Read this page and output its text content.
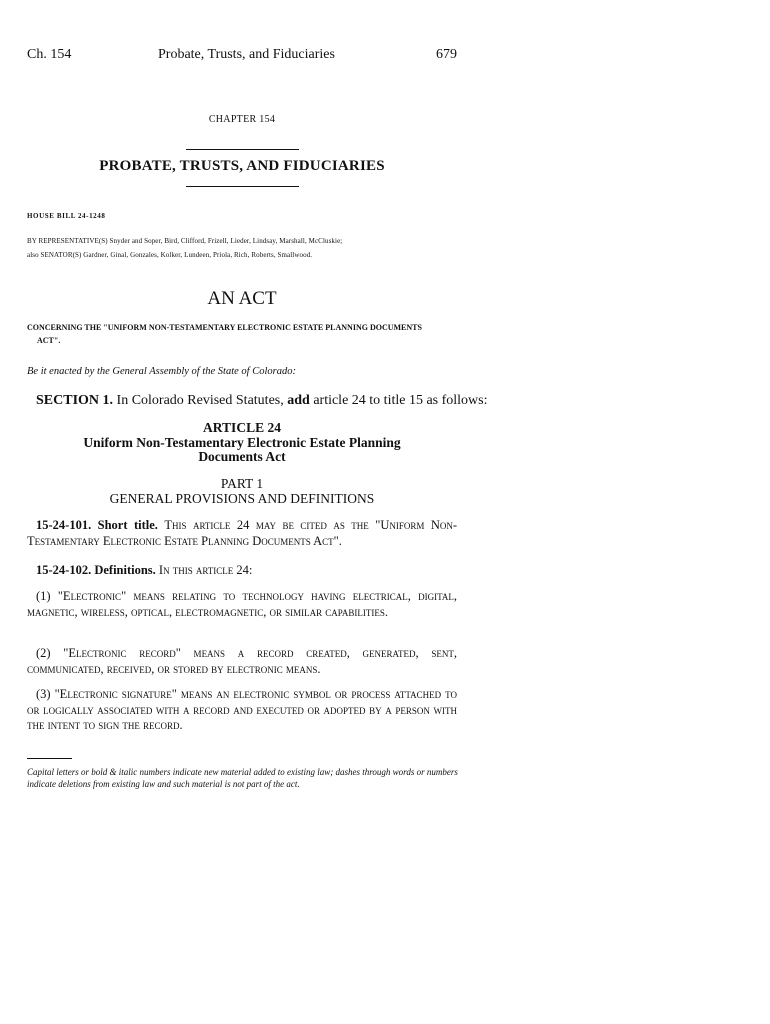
Ch. 154	Probate, Trusts, and Fiduciaries	679
CHAPTER 154
PROBATE, TRUSTS, AND FIDUCIARIES
HOUSE BILL 24-1248
BY REPRESENTATIVE(S) Snyder and Soper, Bird, Clifford, Frizell, Lieder, Lindsay, Marshall, McCluskie;
also SENATOR(S) Gardner, Ginal, Gonzales, Kolker, Lundeen, Priola, Rich, Roberts, Smallwood.
AN ACT
CONCERNING THE "UNIFORM NON-TESTAMENTARY ELECTRONIC ESTATE PLANNING DOCUMENTS
ACT".
Be it enacted by the General Assembly of the State of Colorado:
SECTION 1. In Colorado Revised Statutes, add article 24 to title 15 as follows:
ARTICLE 24
Uniform Non-Testamentary Electronic Estate Planning
Documents Act
PART 1
GENERAL PROVISIONS AND DEFINITIONS
15-24-101. Short title. This article 24 may be cited as the "Uniform Non-Testamentary Electronic Estate Planning Documents Act".
15-24-102. Definitions. In this article 24:
(1) "Electronic" means relating to technology having electrical, digital, magnetic, wireless, optical, electromagnetic, or similar capabilities.
(2) "Electronic record" means a record created, generated, sent, communicated, received, or stored by electronic means.
(3) "Electronic signature" means an electronic symbol or process attached to or logically associated with a record and executed or adopted by a person with the intent to sign the record.
Capital letters or bold & italic numbers indicate new material added to existing law; dashes through words or numbers indicate deletions from existing law and such material is not part of the act.
